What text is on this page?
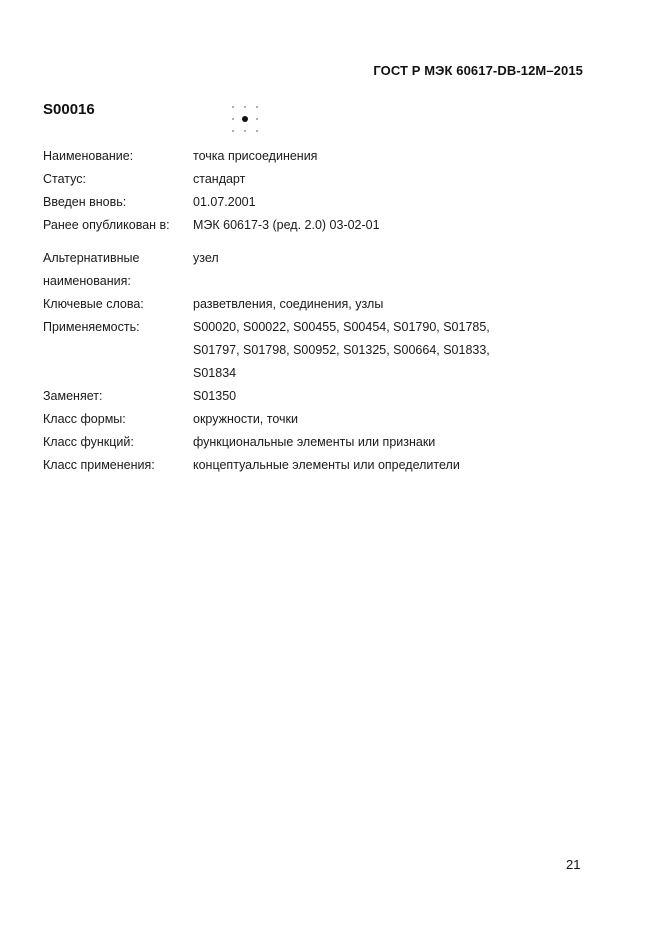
ГОСТ Р МЭК 60617-DB-12M–2015
S00016
Наименование:	точка присоединения
Статус:	стандарт
Введен вновь:	01.07.2001
Ранее опубликован в:	МЭК 60617-3 (ред. 2.0) 03-02-01
Альтернативные
наименования:
узел
Ключевые слова:	разветвления, соединения, узлы
Применяемость:	S00020, S00022, S00455, S00454, S01790, S01785,
S01797, S01798, S00952, S01325, S00664, S01833,
S01834
Заменяет:	S01350
Класс формы:	окружности, точки
Класс функций:	функциональные элементы или признаки
Класс применения:	концептуальные элементы или определители
21
